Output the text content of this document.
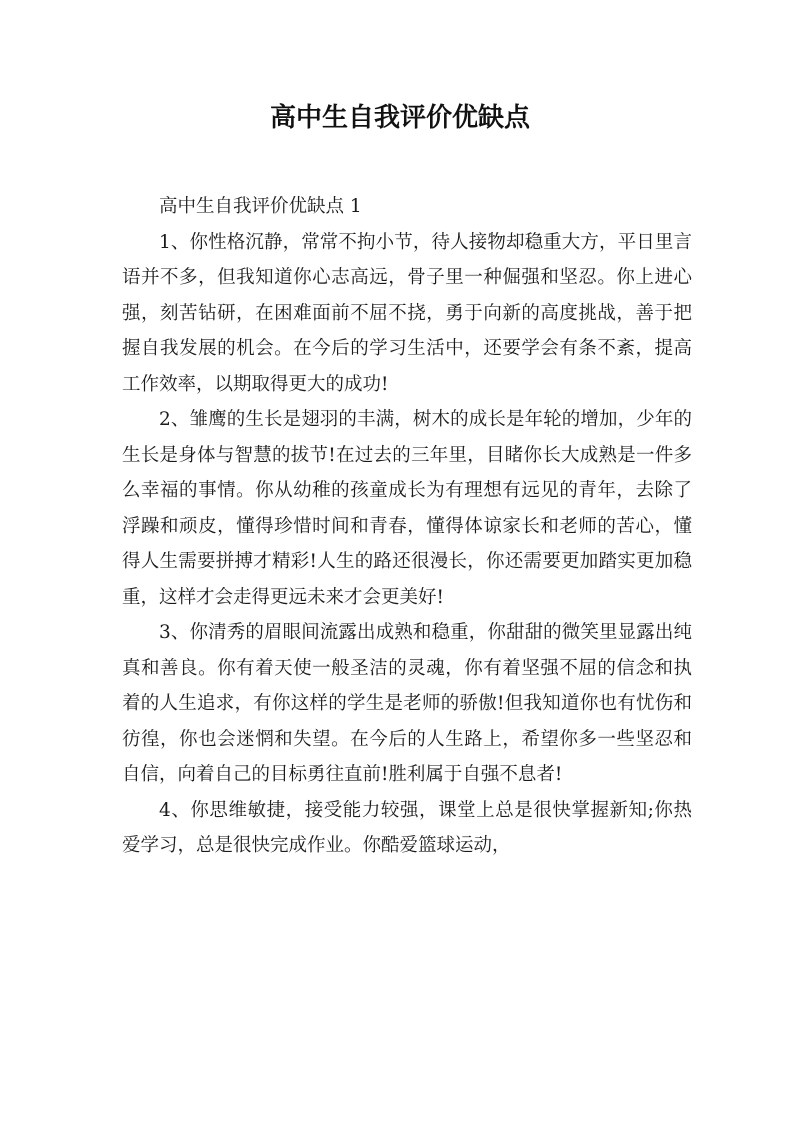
高中生自我评价优缺点

高中生自我评价优缺点 1

1、你性格沉静，常常不拘小节，待人接物却稳重大方，平日里言语并不多，但我知道你心志高远，骨子里一种倔强和坚忍。你上进心强，刻苦钻研，在困难面前不屈不挠，勇于向新的高度挑战，善于把握自我发展的机会。在今后的学习生活中，还要学会有条不紊，提高工作效率，以期取得更大的成功!

2、雏鹰的生长是翅羽的丰满，树木的成长是年轮的增加，少年的生长是身体与智慧的拔节!在过去的三年里，目睹你长大成熟是一件多么幸福的事情。你从幼稚的孩童成长为有理想有远见的青年，去除了浮躁和顽皮，懂得珍惜时间和青春，懂得体谅家长和老师的苦心，懂得人生需要拼搏才精彩!人生的路还很漫长，你还需要更加踏实更加稳重，这样才会走得更远未来才会更美好!

3、你清秀的眉眼间流露出成熟和稳重，你甜甜的微笑里显露出纯真和善良。你有着天使一般圣洁的灵魂，你有着坚强不屈的信念和执着的人生追求，有你这样的学生是老师的骄傲!但我知道你也有忧伤和彷徨，你也会迷惘和失望。在今后的人生路上，希望你多一些坚忍和自信，向着自己的目标勇往直前!胜利属于自强不息者!

4、你思维敏捷，接受能力较强，课堂上总是很快掌握新知;你热爱学习，总是很快完成作业。你酷爱篮球运动，
